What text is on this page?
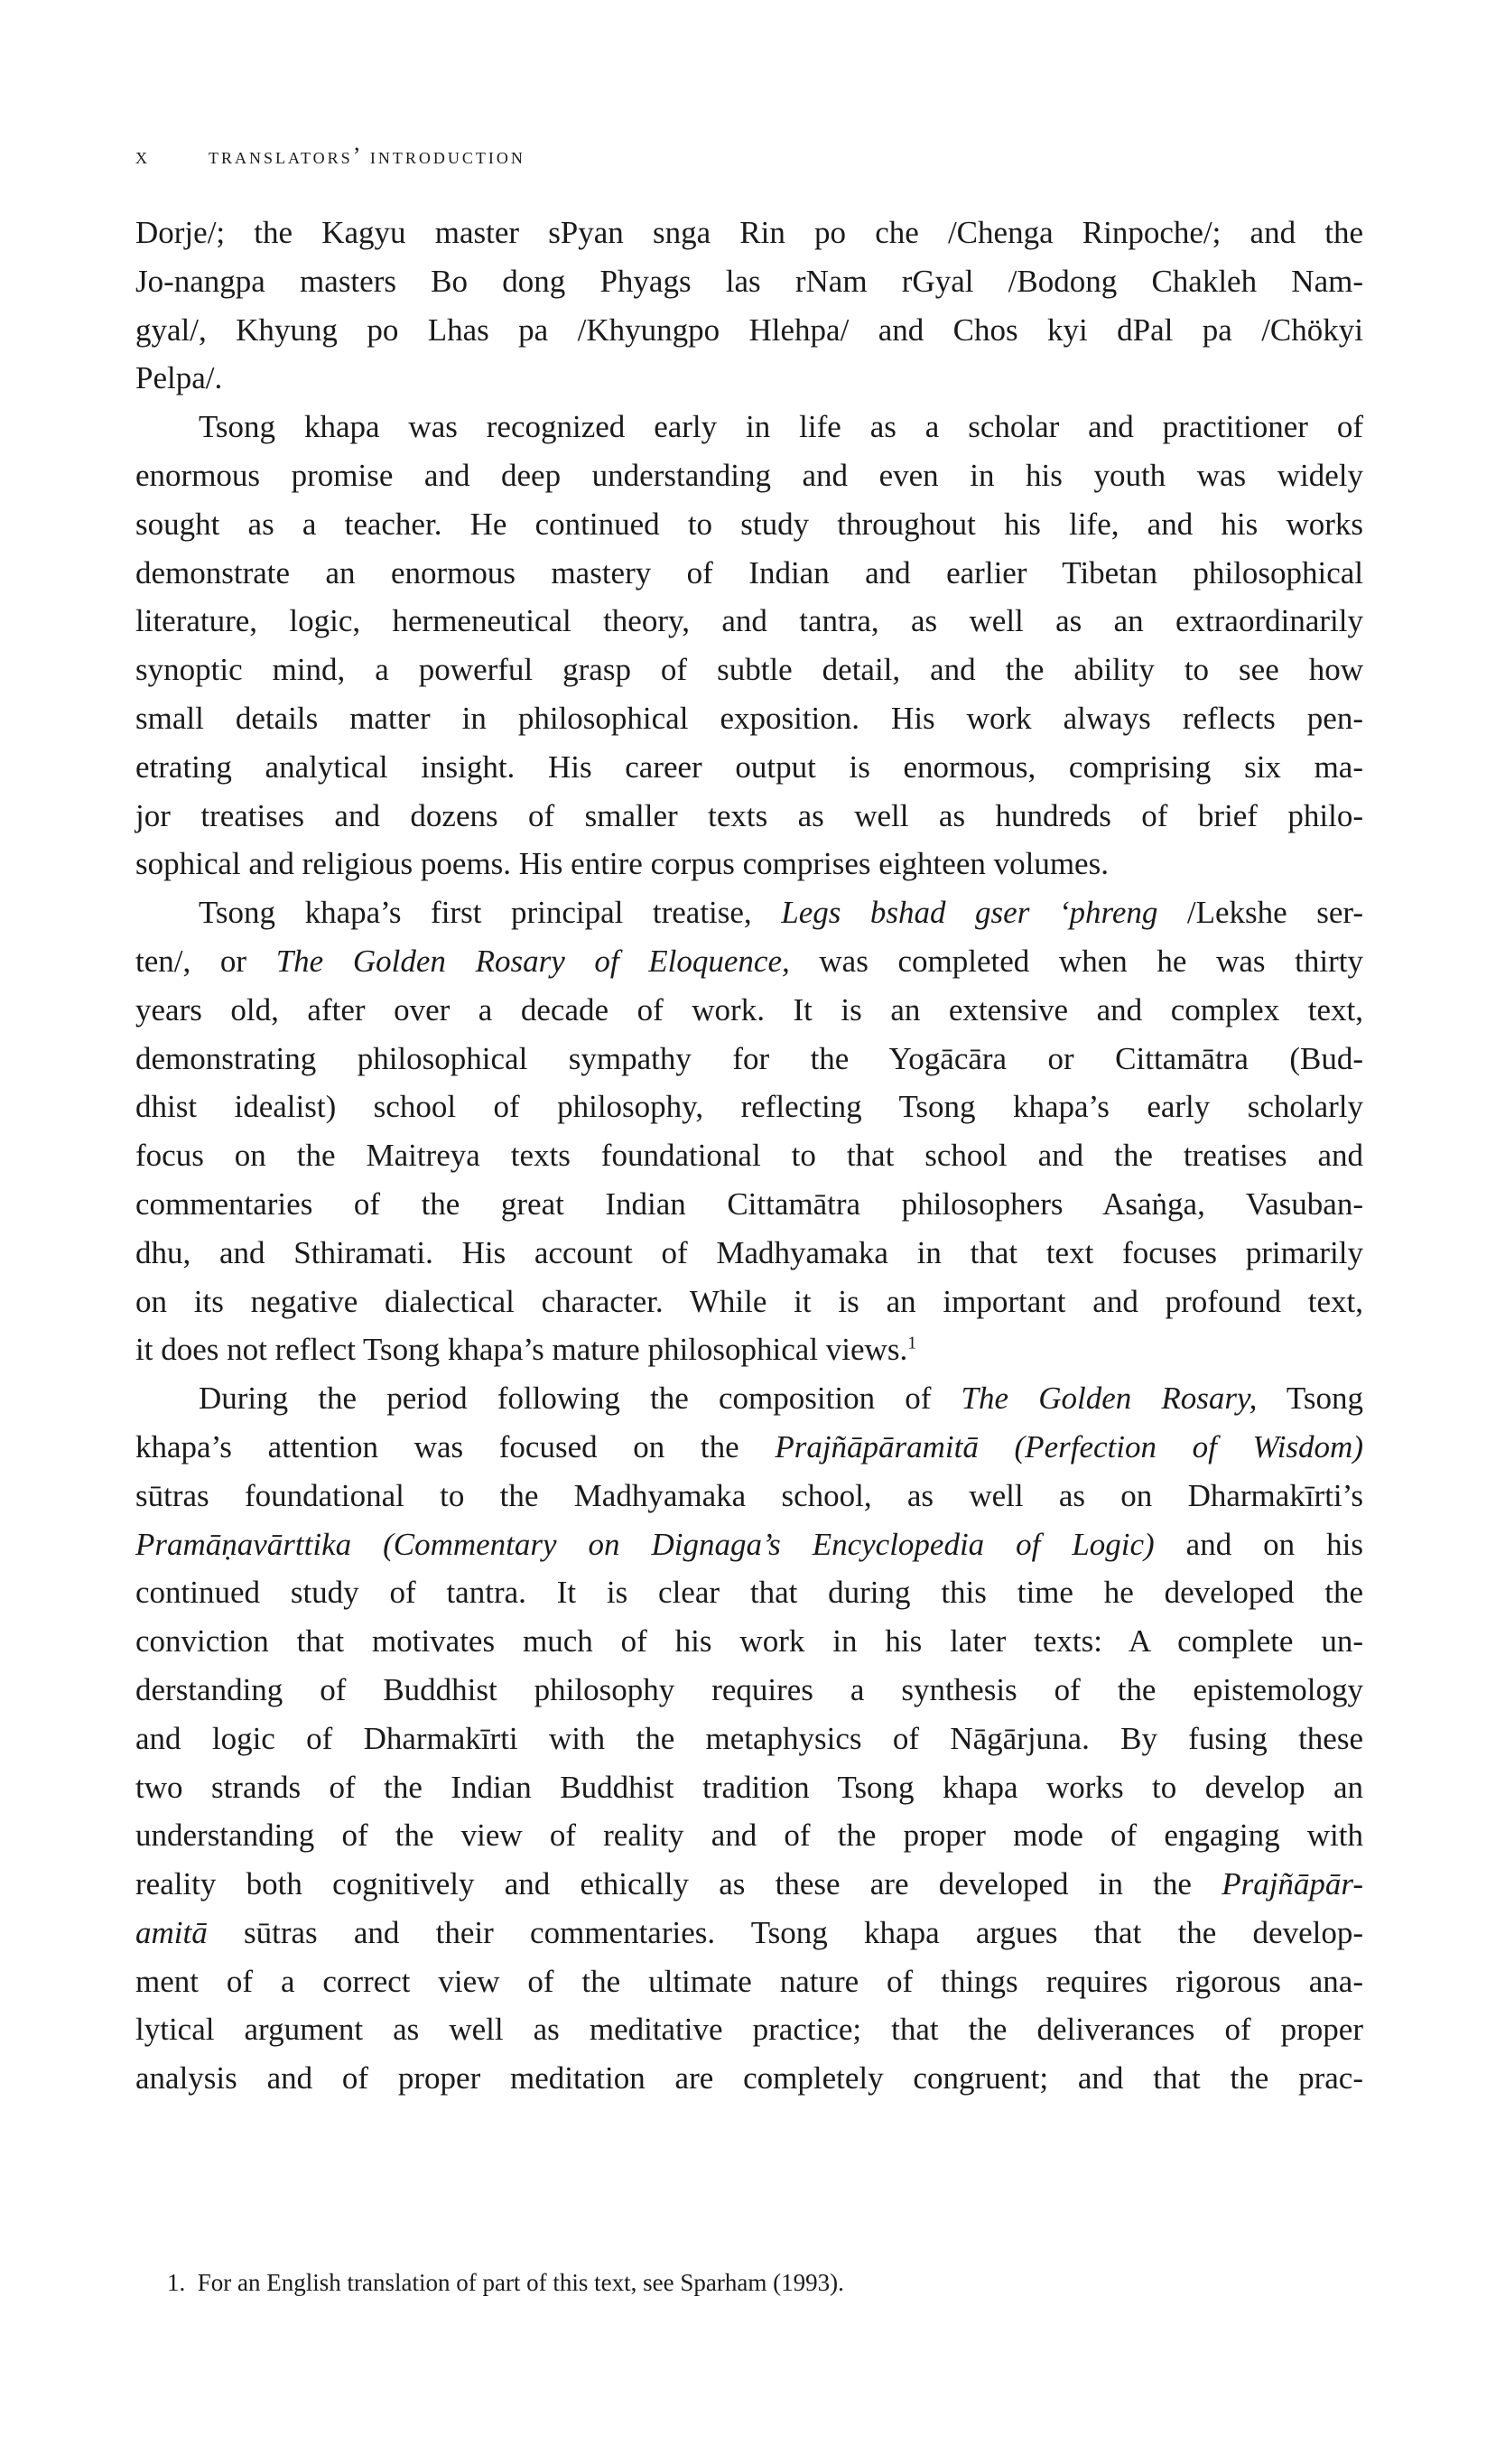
x	translators’ introduction
Dorje/; the Kagyu master sPyan snga Rin po che /Chenga Rinpoche/; and the
Jo-nangpa masters Bo dong Phyags las rNam rGyal /Bodong Chakleh Nam-
gyal/, Khyung po Lhas pa /Khyungpo Hlehpa/ and Chos kyi dPal pa /Chökyi
Pelpa/.
Tsong khapa was recognized early in life as a scholar and practitioner of
enormous promise and deep understanding and even in his youth was widely
sought as a teacher. He continued to study throughout his life, and his works
demonstrate an enormous mastery of Indian and earlier Tibetan philosophical
literature, logic, hermeneutical theory, and tantra, as well as an extraordinarily
synoptic mind, a powerful grasp of subtle detail, and the ability to see how
small details matter in philosophical exposition. His work always reflects pen-
etrating analytical insight. His career output is enormous, comprising six ma-
jor treatises and dozens of smaller texts as well as hundreds of brief philo-
sophical and religious poems. His entire corpus comprises eighteen volumes.
Tsong khapa’s first principal treatise, Legs bshad gser ‘phreng /Lekshe ser-
ten/, or The Golden Rosary of Eloquence, was completed when he was thirty
years old, after over a decade of work. It is an extensive and complex text,
demonstrating philosophical sympathy for the Yogācāra or Cittamātra (Bud-
dhist idealist) school of philosophy, reflecting Tsong khapa’s early scholarly
focus on the Maitreya texts foundational to that school and the treatises and
commentaries of the great Indian Cittamātra philosophers Asaṅga, Vasuban-
dhu, and Sthiramati. His account of Madhyamaka in that text focuses primarily
on its negative dialectical character. While it is an important and profound text,
it does not reflect Tsong khapa’s mature philosophical views.$^1$
During the period following the composition of The Golden Rosary, Tsong
khapa’s attention was focused on the Prajñāpāramitā (Perfection of Wisdom)
sūtras foundational to the Madhyamaka school, as well as on Dharmakīrti’s
Pramāṇavārttika (Commentary on Dignaga’s Encyclopedia of Logic) and on his
continued study of tantra. It is clear that during this time he developed the
conviction that motivates much of his work in his later texts: A complete un-
derstanding of Buddhist philosophy requires a synthesis of the epistemology
and logic of Dharmakīrti with the metaphysics of Nāgārjuna. By fusing these
two strands of the Indian Buddhist tradition Tsong khapa works to develop an
understanding of the view of reality and of the proper mode of engaging with
reality both cognitively and ethically as these are developed in the Prajñāpār-
amitā sūtras and their commentaries. Tsong khapa argues that the develop-
ment of a correct view of the ultimate nature of things requires rigorous ana-
lytical argument as well as meditative practice; that the deliverances of proper
analysis and of proper meditation are completely congruent; and that the prac-
1. For an English translation of part of this text, see Sparham (1993).
